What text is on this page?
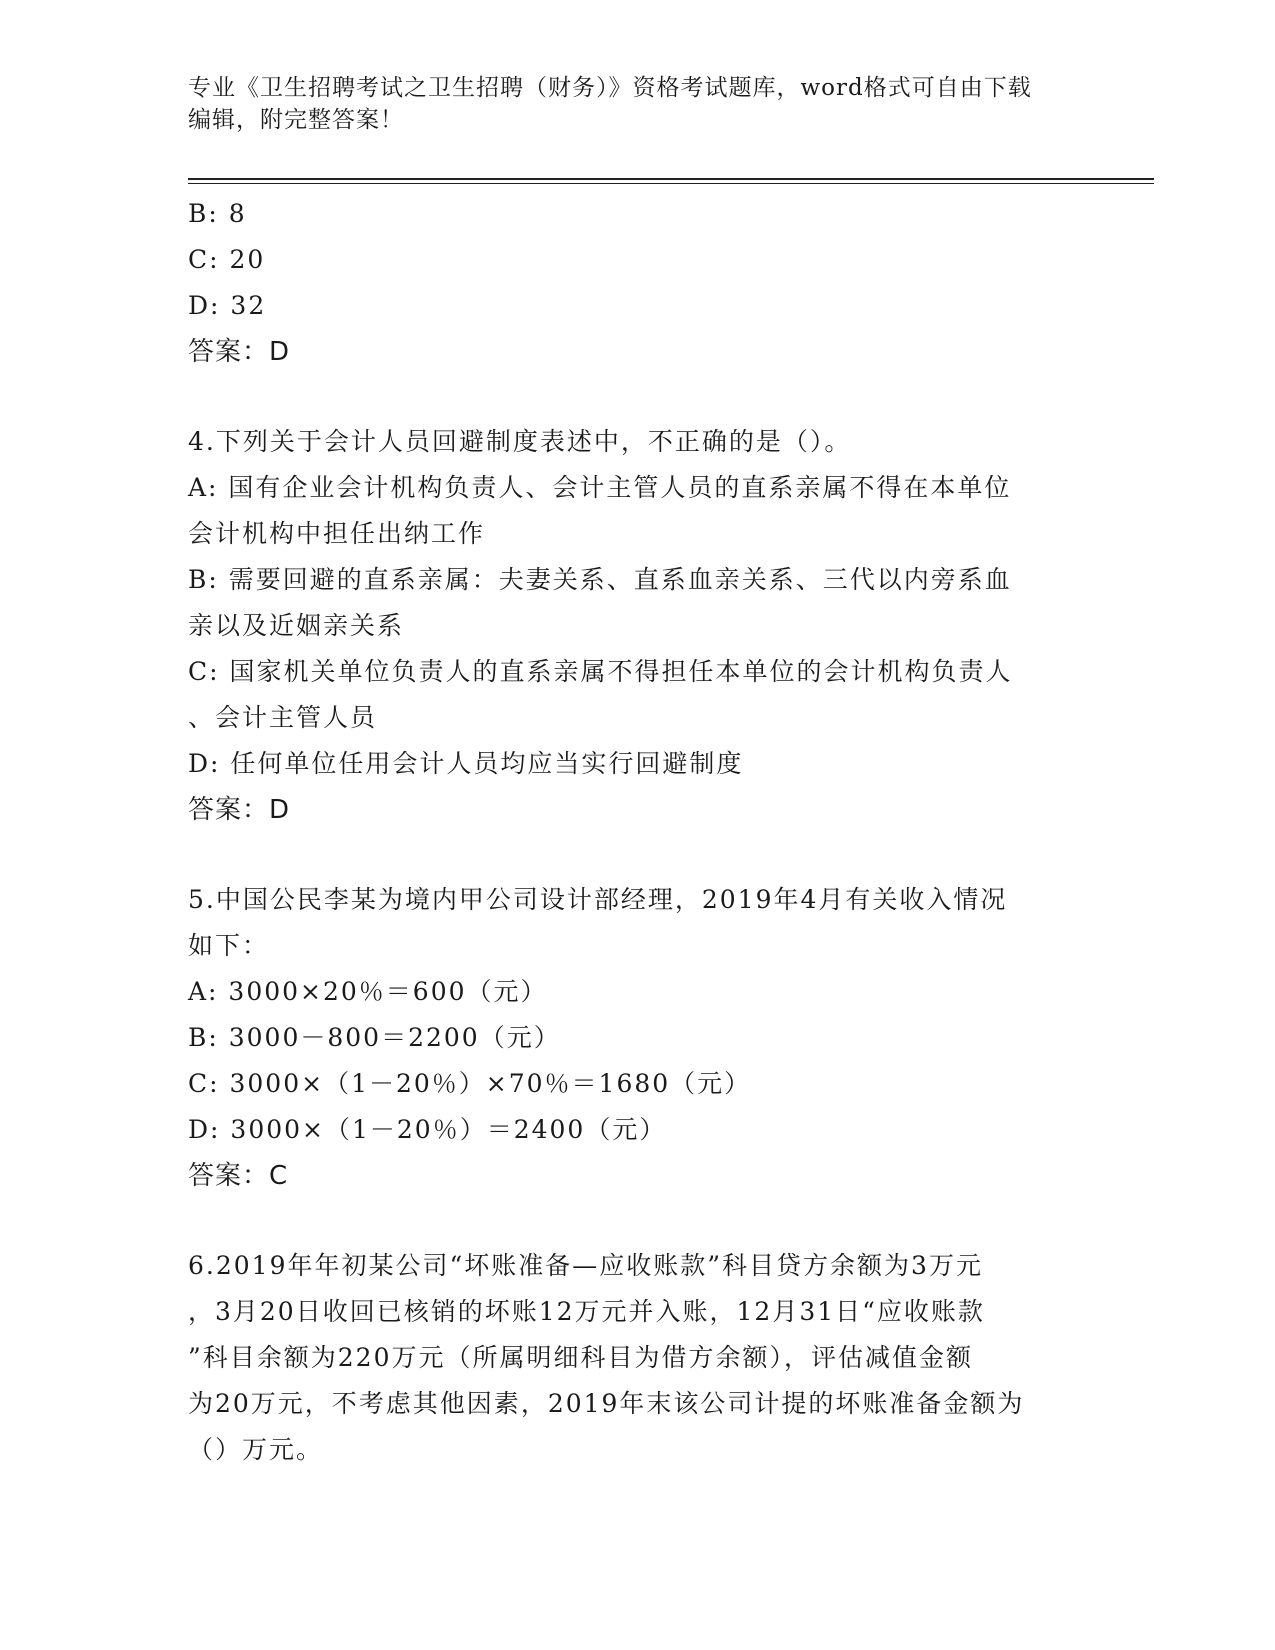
专业《卫生招聘考试之卫生招聘（财务）》资格考试题库，word格式可自由下载
编辑，附完整答案！
B: 8
C: 20
D: 32
答案：D
4.下列关于会计人员回避制度表述中，不正确的是（）。
A: 国有企业会计机构负责人、会计主管人员的直系亲属不得在本单位
会计机构中担任出纳工作
B: 需要回避的直系亲属：夫妻关系、直系血亲关系、三代以内旁系血
亲以及近姻亲关系
C: 国家机关单位负责人的直系亲属不得担任本单位的会计机构负责人
、会计主管人员
D: 任何单位任用会计人员均应当实行回避制度
答案：D
5.中国公民李某为境内甲公司设计部经理，2019年4月有关收入情况
如下：
A: 3000×20％＝600（元）
B: 3000－800＝2200（元）
C: 3000×（1－20％）×70％＝1680（元）
D: 3000×（1－20％）＝2400（元）
答案：C
6.2019年年初某公司“坏账准备—应收账款”科目贷方余额为3万元
，3月20日收回已核销的坏账12万元并入账，12月31日“应收账款
”科目余额为220万元（所属明细科目为借方余额），评估减值金额
为20万元，不考虑其他因素，2019年末该公司计提的坏账准备金额为
（）万元。
